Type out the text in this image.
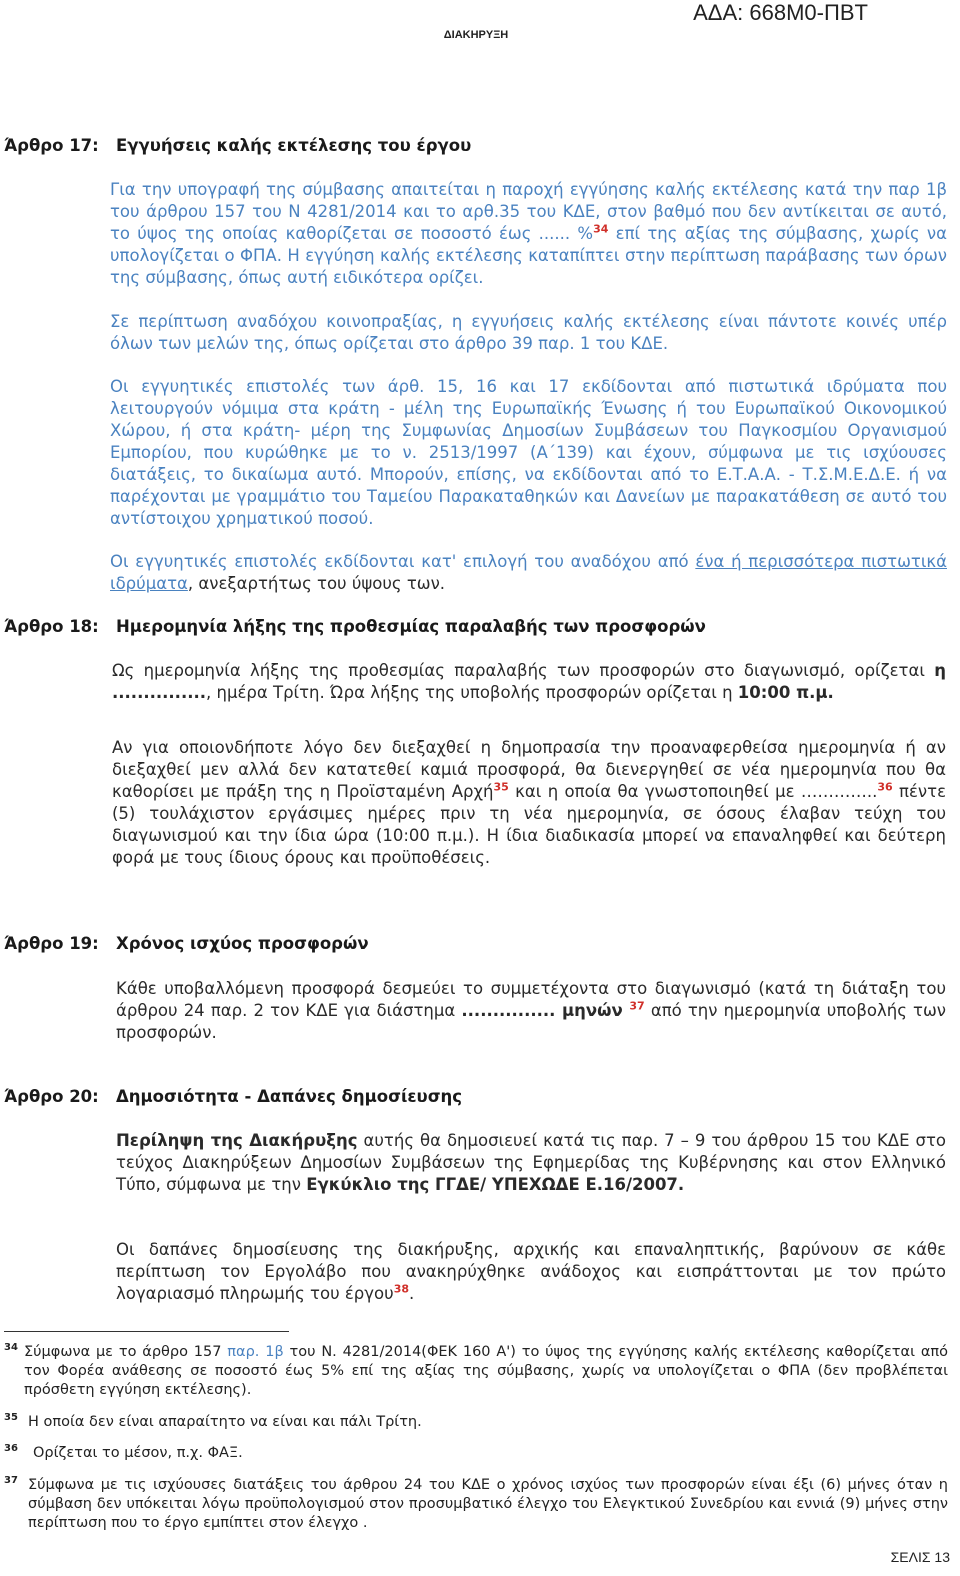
ΑΔΑ: 668Μ0-ΠΒΤ
ΔΙΑΚΗΡΥΞΗ
Άρθρο 17: Εγγυήσεις καλής εκτέλεσης του έργου

Για την υπογραφή της σύμβασης απαιτείται η παροχή εγγύησης καλής εκτέλεσης κατά την παρ 1β του άρθρου 157 του Ν 4281/2014 και το αρθ.35 του ΚΔΕ, στον βαθμό που δεν αντίκειται σε αυτό, το ύψος της οποίας καθορίζεται σε ποσοστό έως ...... %$^{34}$ επί της αξίας της σύμβασης, χωρίς να υπολογίζεται ο ΦΠΑ. Η εγγύηση καλής εκτέλεσης καταπίπτει στην περίπτωση παράβασης των όρων της σύμβασης, όπως αυτή ειδικότερα ορίζει.

Σε περίπτωση αναδόχου κοινοπραξίας, η εγγυήσεις καλής εκτέλεσης είναι πάντοτε κοινές υπέρ όλων των μελών της, όπως ορίζεται στο άρθρο 39 παρ. 1 του ΚΔΕ.

Οι εγγυητικές επιστολές των άρθ. 15, 16 και 17 εκδίδονται από πιστωτικά ιδρύματα που λειτουργούν νόμιμα στα κράτη - μέλη της Ευρωπαϊκής Ένωσης ή του Ευρωπαϊκού Οικονομικού Χώρου, ή στα κράτη- μέρη της Συμφωνίας Δημοσίων Συμβάσεων του Παγκοσμίου Οργανισμού Εμπορίου, που κυρώθηκε με το ν. 2513/1997 (Α΄139) και έχουν, σύμφωνα με τις ισχύουσες διατάξεις, το δικαίωμα αυτό. Μπορούν, επίσης, να εκδίδονται από το Ε.Τ.Α.Α. - Τ.Σ.Μ.Ε.Δ.Ε. ή να παρέχονται με γραμμάτιο του Ταμείου Παρακαταθηκών και Δανείων με παρακατάθεση σε αυτό του αντίστοιχου χρηματικού ποσού.

Οι εγγυητικές επιστολές εκδίδονται κατ' επιλογή του αναδόχου από ένα ή περισσότερα πιστωτικά ιδρύματα, ανεξαρτήτως του ύψους των.

Άρθρο 18: Ημερομηνία λήξης της προθεσμίας παραλαβής των προσφορών

Ως ημερομηνία λήξης της προθεσμίας παραλαβής των προσφορών στο διαγωνισμό, ορίζεται η ..............., ημέρα Τρίτη. Ώρα λήξης της υποβολής προσφορών ορίζεται η 10:00 π.μ.

Αν για οποιονδήποτε λόγο δεν διεξαχθεί η δημοπρασία την προαναφερθείσα ημερομηνία ή αν διεξαχθεί μεν αλλά δεν κατατεθεί καμιά προσφορά, θα διενεργηθεί σε νέα ημερομηνία που θα καθορίσει με πράξη της η Προϊσταμένη Αρχή$^{35}$ και η οποία θα γνωστοποιηθεί με …………..$^{36}$ πέντε (5) τουλάχιστον εργάσιμες ημέρες πριν τη νέα ημερομηνία, σε όσους έλαβαν τεύχη του διαγωνισμού και την ίδια ώρα (10:00 π.μ.). Η ίδια διαδικασία μπορεί να επαναληφθεί και δεύτερη φορά με τους ίδιους όρους και προϋποθέσεις.

Άρθρο 19: Χρόνος ισχύος προσφορών

Κάθε υποβαλλόμενη προσφορά δεσμεύει το συμμετέχοντα στο διαγωνισμό (κατά τη διάταξη του άρθρου 24 παρ. 2 τον ΚΔΕ για διάστημα ............... μηνών $^{37}$ από την ημερομηνία υποβολής των προσφορών.

Άρθρο 20: Δημοσιότητα - Δαπάνες δημοσίευσης

Περίληψη της Διακήρυξης αυτής θα δημοσιευεί κατά τις παρ. 7 – 9 του άρθρου 15 του ΚΔΕ στο τεύχος Διακηρύξεων Δημοσίων Συμβάσεων της Εφημερίδας της Κυβέρνησης και στον Ελληνικό Τύπο, σύμφωνα με την Εγκύκλιο της ΓΓΔΕ/ ΥΠΕΧΩΔΕ Ε.16/2007.

Οι δαπάνες δημοσίευσης της διακήρυξης, αρχικής και επαναληπτικής, βαρύνουν σε κάθε περίπτωση τον Εργολάβο που ανακηρύχθηκε ανάδοχος και εισπράττονται με τον πρώτο λογαριασμό πληρωμής του έργου$^{38}$.

34 Σύμφωνα με το άρθρο 157 παρ. 1β του Ν. 4281/2014(ΦΕΚ 160 Α') το ύψος της εγγύησης καλής εκτέλεσης καθορίζεται από τον Φορέα ανάθεσης σε ποσοστό έως 5% επί της αξίας της σύμβασης, χωρίς να υπολογίζεται ο ΦΠΑ (δεν προβλέπεται πρόσθετη εγγύηση εκτέλεσης).
35 Η οποία δεν είναι απαραίτητο να είναι και πάλι Τρίτη.
36 Ορίζεται το μέσον, π.χ. ΦΑΞ.
37 Σύμφωνα με τις ισχύουσες διατάξεις του άρθρου 24 του ΚΔΕ ο χρόνος ισχύος των προσφορών είναι έξι (6) μήνες όταν η σύμβαση δεν υπόκειται λόγω προϋπολογισμού στον προσυμβατικό έλεγχο του Ελεγκτικού Συνεδρίου και εννιά (9) μήνες στην περίπτωση που το έργο εμπίπτει στον έλεγχο .
ΣΕΛΙΣ 13
